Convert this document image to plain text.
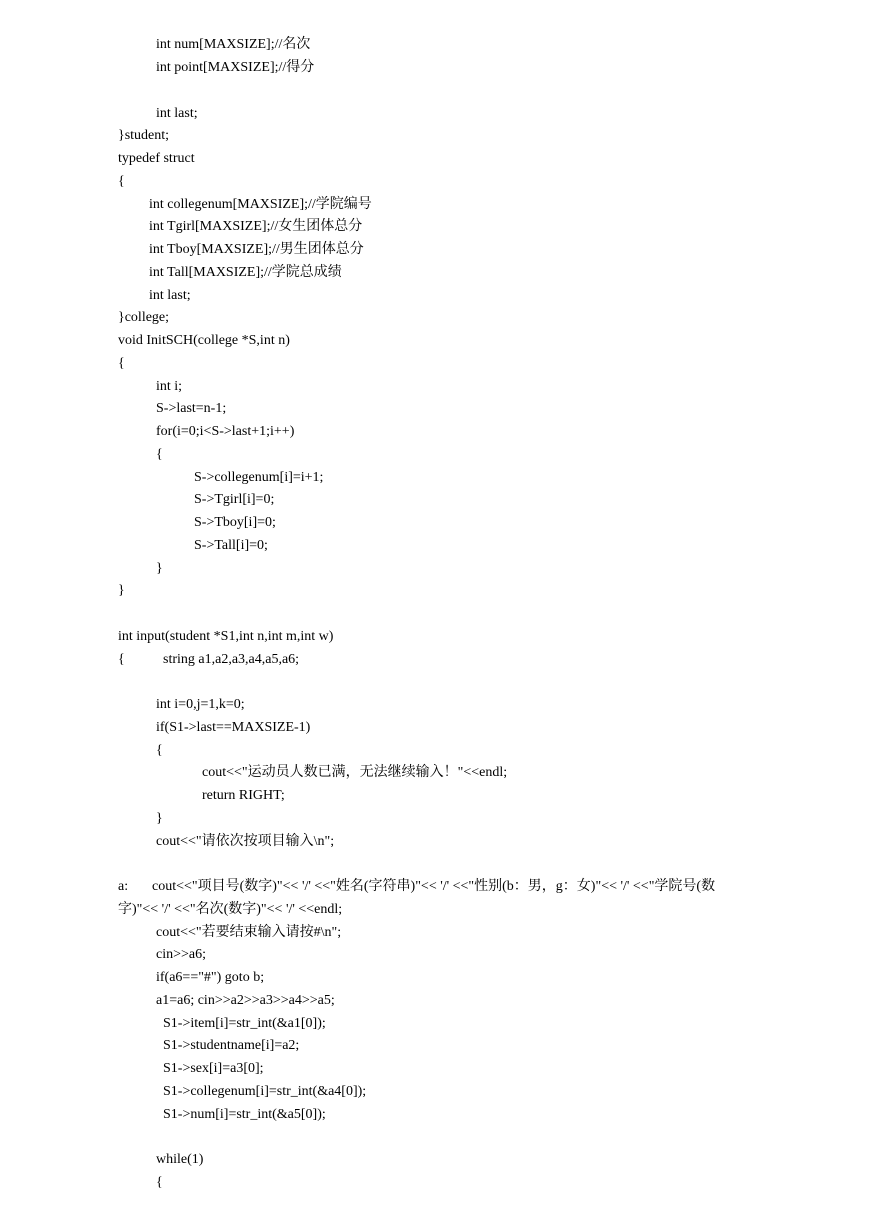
int num[MAXSIZE];//名次
int point[MAXSIZE];//得分
int last;
}student;
typedef struct
{
int collegenum[MAXSIZE];//学院编号
int Tgirl[MAXSIZE];//女生团体总分
int Tboy[MAXSIZE];//男生团体总分
int Tall[MAXSIZE];//学院总成绩
int last;
}college;
void InitSCH(college *S,int n)
{
int i;
S->last=n-1;
for(i=0;i<S->last+1;i++)
{
S->collegenum[i]=i+1;
S->Tgirl[i]=0;
S->Tboy[i]=0;
S->Tall[i]=0;
}
}
int input(student *S1,int n,int m,int w)
{	string a1,a2,a3,a4,a5,a6;
int i=0,j=1,k=0;
if(S1->last==MAXSIZE-1)
{
cout<<"运动员人数已满，无法继续输入！"<<endl;
return RIGHT;
}
cout<<"请依次按项目输入\n";
a: cout<<"项目号(数字)"<< '/' <<"姓名(字符串)"<< '/' <<"性别(b：男，g：女)"<< '/' <<"学院号(数
字)"<< '/' <<"名次(数字)"<< '/' <<endl;
cout<<"若要结束输入请按#\n";
cin>>a6;
if(a6=="#") goto b;
a1=a6; cin>>a2>>a3>>a4>>a5;
S1->item[i]=str_int(&a1[0]);
S1->studentname[i]=a2;
S1->sex[i]=a3[0];
S1->collegenum[i]=str_int(&a4[0]);
S1->num[i]=str_int(&a5[0]);
while(1)
{
